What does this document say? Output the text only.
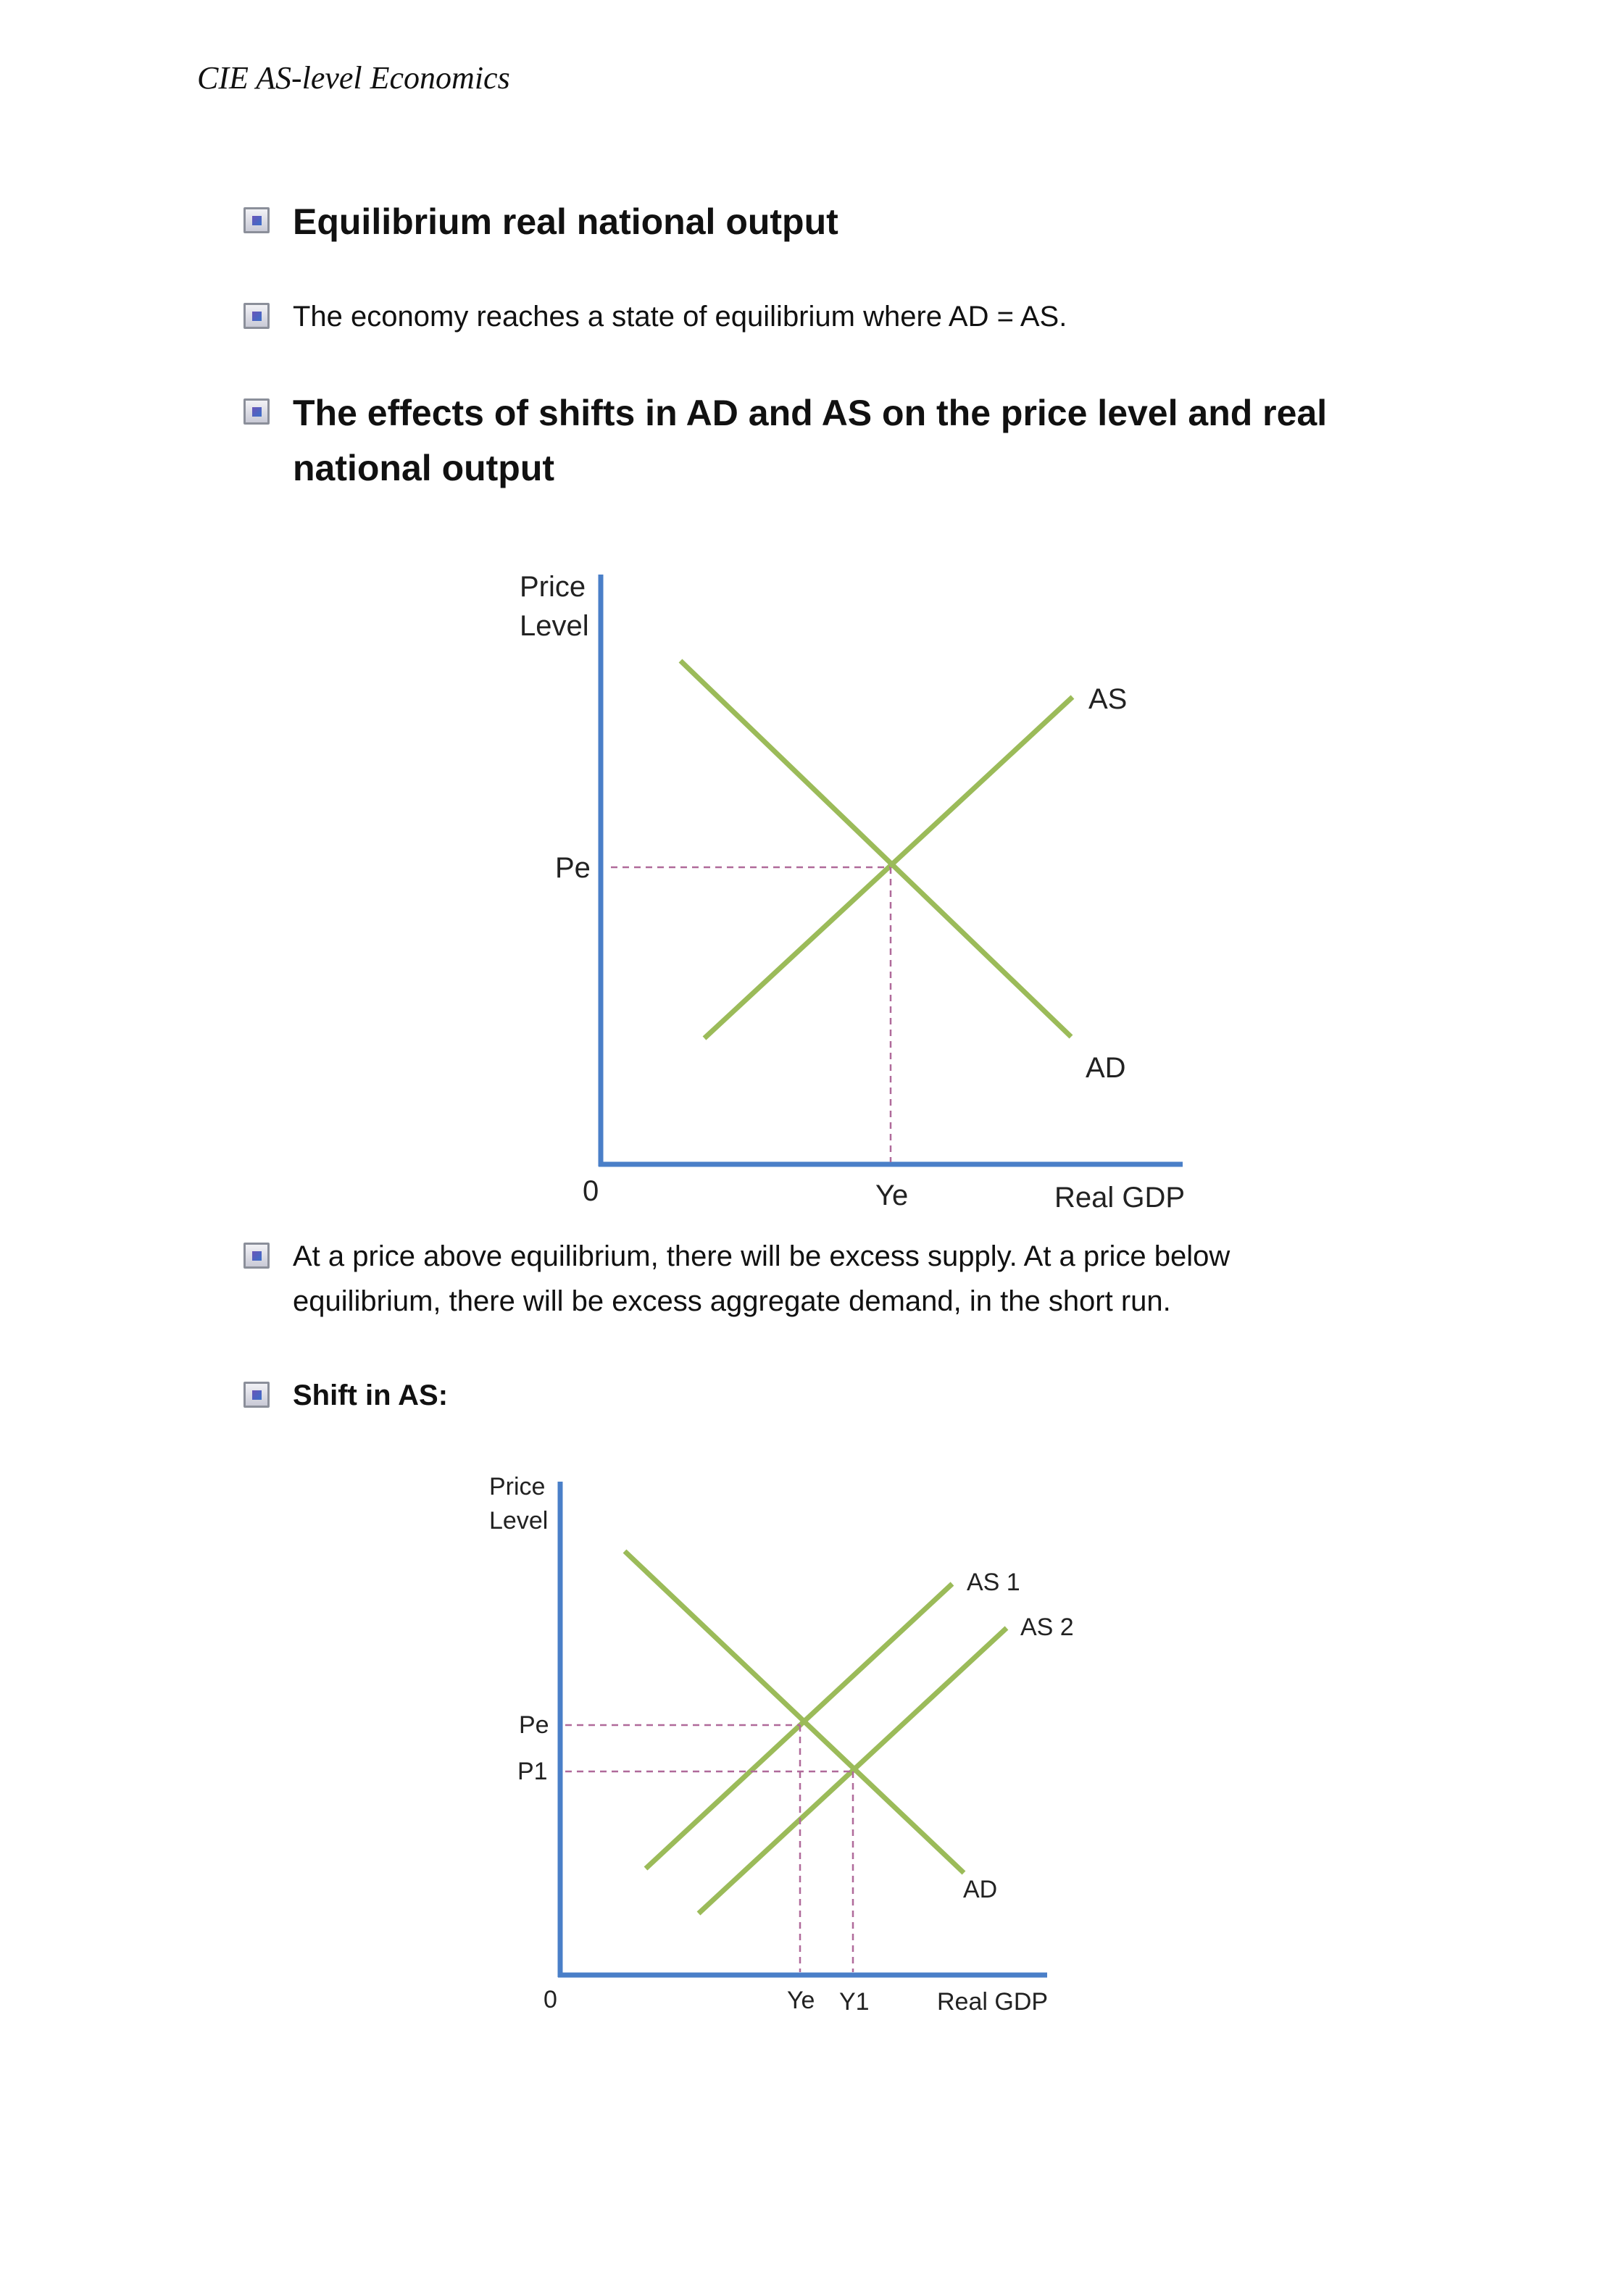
CIE AS-level Economics
Equilibrium real national output
The economy reaches a state of equilibrium where AD = AS.
The effects of shifts in AD and AS on the price level and real national output
Price
Level
AS
AD
Pe
0	Ye	Real GDP
Price
Level
AS 1
AS 2
AD
Pe
P1
0	Ye Y1	Real GDP
At a price above equilibrium, there will be excess supply. At a price below equilibrium, there will be excess aggregate demand, in the short run.
Shift in AS:
